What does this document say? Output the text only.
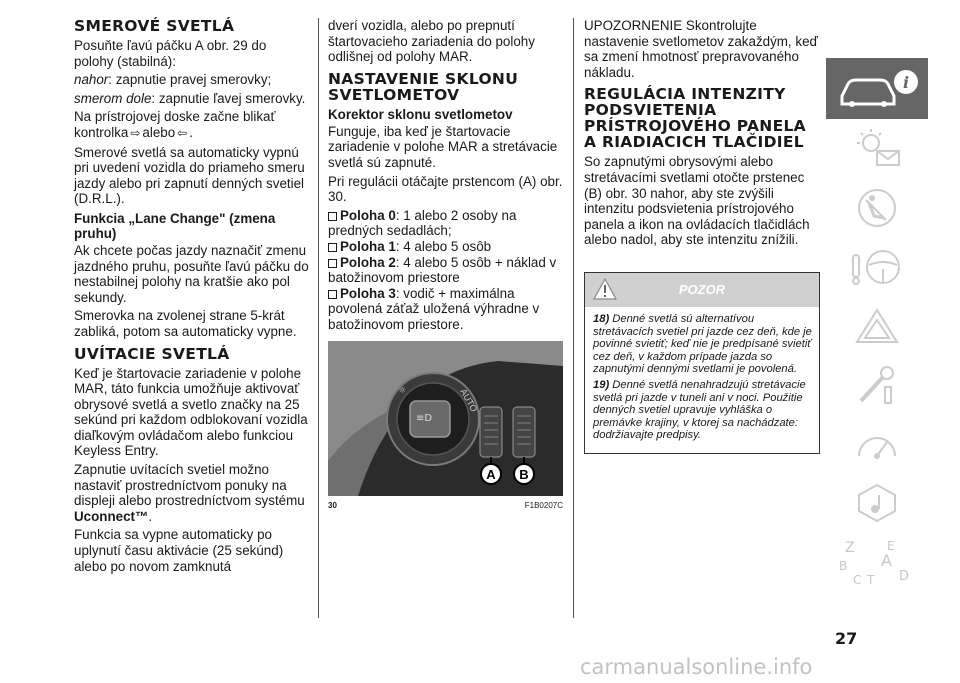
SMEROVÉ SVETLÁ

Posuňte ľavú páčku A obr. 29 do polohy (stabilná):

nahor: zapnutie pravej smerovky;

smerom dole: zapnutie ľavej smerovky.

Na prístrojovej doske začne blikať kontrolka ⇨ alebo ⇦ .

Smerové svetlá sa automaticky vypnú pri uvedení vozidla do priameho smeru jazdy alebo pri zapnutí denných svetiel (D.R.L.).

Funkcia „Lane Change" (zmena pruhu)

Ak chcete počas jazdy naznačiť zmenu jazdného pruhu, posuňte ľavú páčku do nestabilnej polohy na kratšie ako pol sekundy.

Smerovka na zvolenej strane 5-krát zabliká, potom sa automaticky vypne.

UVÍTACIE SVETLÁ

Keď je štartovacie zariadenie v polohe MAR, táto funkcia umožňuje aktivovať obrysové svetlá a svetlo značky na 25 sekúnd pri každom odblokovaní vozidla diaľkovým ovládačom alebo funkciou Keyless Entry.

Zapnutie uvítacích svetiel možno nastaviť prostredníctvom ponuky na displeji alebo prostredníctvom systému Uconnect™.

Funkcia sa vypne automaticky po uplynutí času aktivácie (25 sekúnd) alebo po novom zamknutá

dverí vozidla, alebo po prepnutí štartovacieho zariadenia do polohy odlišnej od polohy MAR.

NASTAVENIE SKLONU SVETLOMETOV
Korektor sklonu svetlometov

Funguje, iba keď je štartovacie zariadenie v polohe MAR a stretávacie svetlá sú zapnuté.

Pri regulácii otáčajte prstencom (A) obr. 30.

Poloha 0: 1 alebo 2 osoby na predných sedadlách;
Poloha 1: 4 alebo 5 osôb
Poloha 2: 4 alebo 5 osôb + náklad v batožinovom priestore
Poloha 3: vodič + maximálna povolená záťaž uložená výhradne v batožinovom priestore.
≡D
AUTO
☼
A B
30	F1B0207C

UPOZORNENIE Skontrolujte nastavenie svetlometov zakaždým, keď sa zmení hmotnosť prepravovaného nákladu.

REGULÁCIA INTENZITY PODSVIETENIA PRÍSTROJOVÉHO PANELA A RIADIACICH TLAČIDIEL

So zapnutými obrysovými alebo stretávacími svetlami otočte prstenec (B) obr. 30 nahor, aby ste zvýšili intenzitu podsvietenia prístrojového panela a ikon na ovládacích tlačidlách alebo nadol, aby ste intenzitu znížili.

POZOR

18) Denné svetlá sú alternatívou stretávacích svetiel pri jazde cez deň, kde je povinné svietiť; keď nie je predpísané svietiť cez deň, v každom prípade jazda so zapnutými dennými svetlami je povolená.

19) Denné svetlá nenahradzujú stretávacie svetlá pri jazde v tuneli ani v noci. Použitie denných svetiel upravuje vyhláška o premávke krajiny, v ktorej sa nachádzate: dodržiavajte predpisy.

i
Z	E
B A
C T D
27
carmanualsonline.info
